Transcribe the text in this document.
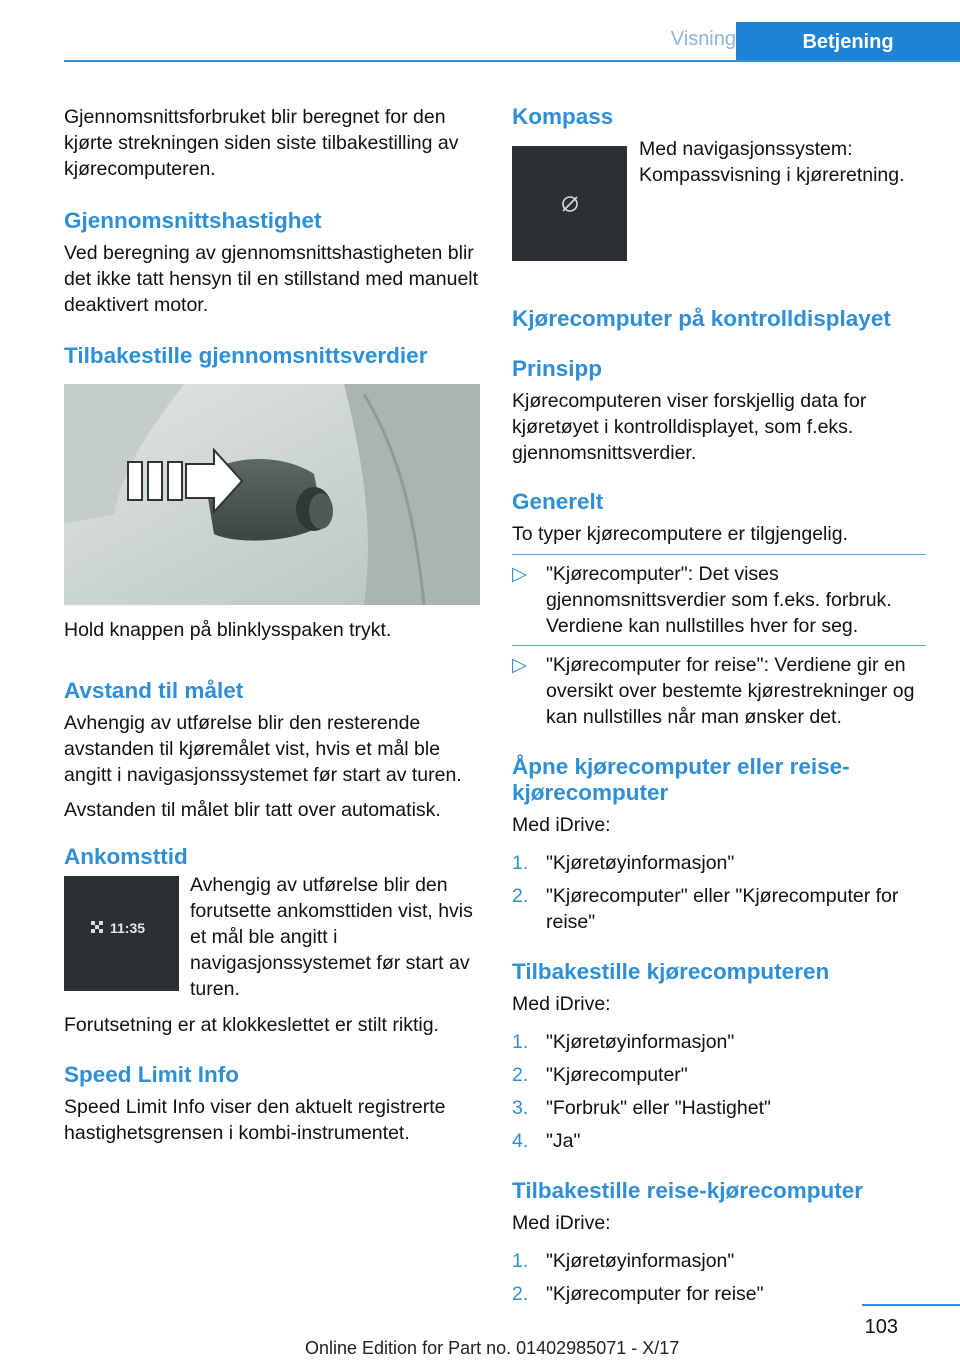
Visning	Betjening

Gjennomsnittsforbruket blir beregnet for den kjørte strekningen siden siste tilbakestilling av kjørecomputeren.

Gjennomsnittshastighet

Ved beregning av gjennomsnittshastigheten blir det ikke tatt hensyn til en stillstand med manuelt deaktivert motor.

Tilbakestille gjennomsnittsverdier

Hold knappen på blinklysspaken trykt.

Avstand til målet

Avhengig av utførelse blir den resterende avstanden til kjøremålet vist, hvis et mål ble angitt i navigasjonssystemet før start av turen.

Avstanden til målet blir tatt over automatisk.

Ankomsttid
11:35

Avhengig av utførelse blir den forutsette ankomsttiden vist, hvis et mål ble angitt i navigasjonssystemet før start av turen.

Forutsetning er at klokkeslettet er stilt riktig.

Speed Limit Info

Speed Limit Info viser den aktuelt registrerte hastighetsgrensen i kombi-instrumentet.

Kompass

Med navigasjonssystem: Kompassvisning i kjøreretning.

Kjørecomputer på kontrolldisplayet
Prinsipp

Kjørecomputeren viser forskjellig data for kjøretøyet i kontrolldisplayet, som f.eks. gjennomsnittsverdier.

Generelt

To typer kjørecomputere er tilgjengelig.

▷ "Kjørecomputer": Det vises gjennomsnittsverdier som f.eks. forbruk. Verdiene kan nullstilles hver for seg.
▷ "Kjørecomputer for reise": Verdiene gir en oversikt over bestemte kjørestrekninger og kan nullstilles når man ønsker det.
Åpne kjørecomputer eller reise-kjørecomputer

Med iDrive:

1. "Kjøretøyinformasjon"
2. "Kjørecomputer" eller "Kjørecomputer for reise"
Tilbakestille kjørecomputeren

Med iDrive:

1. "Kjøretøyinformasjon"
2. "Kjørecomputer"
3. "Forbruk" eller "Hastighet"
4. "Ja"
Tilbakestille reise-kjørecomputer

Med iDrive:

1. "Kjøretøyinformasjon"
2. "Kjørecomputer for reise"
103
Online Edition for Part no. 01402985071 - X/17
